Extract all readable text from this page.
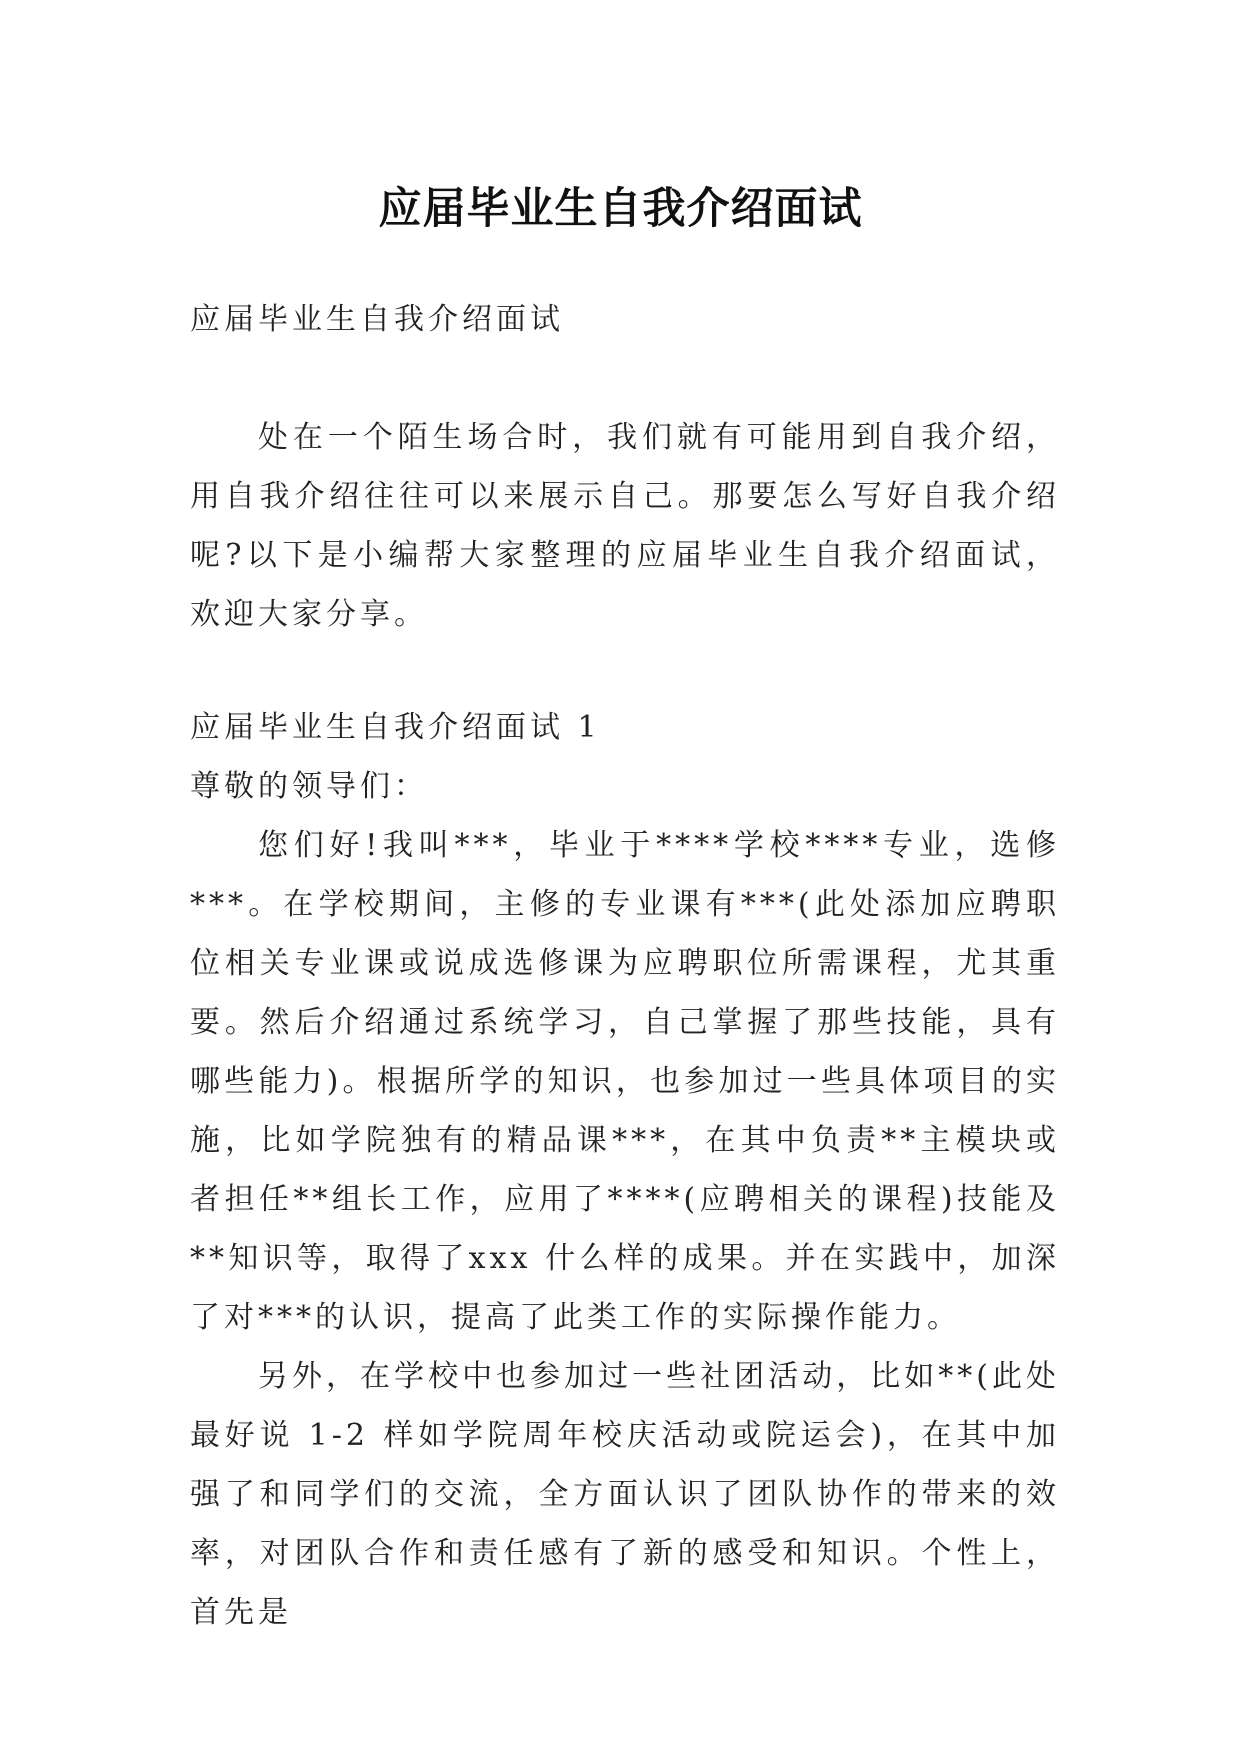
应届毕业生自我介绍面试

应届毕业生自我介绍面试

处在一个陌生场合时，我们就有可能用到自我介绍，用自我介绍往往可以来展示自己。那要怎么写好自我介绍呢?以下是小编帮大家整理的应届毕业生自我介绍面试，欢迎大家分享。

应届毕业生自我介绍面试 1

尊敬的领导们：

您们好!我叫***，毕业于****学校****专业，选修***。在学校期间，主修的专业课有***(此处添加应聘职位相关专业课或说成选修课为应聘职位所需课程，尤其重要。然后介绍通过系统学习，自己掌握了那些技能，具有哪些能力)。根据所学的知识，也参加过一些具体项目的实施，比如学院独有的精品课***，在其中负责**主模块或者担任**组长工作，应用了****(应聘相关的课程)技能及**知识等，取得了xxx 什么样的成果。并在实践中，加深了对***的认识，提高了此类工作的实际操作能力。

另外，在学校中也参加过一些社团活动，比如**(此处最好说 1-2 样如学院周年校庆活动或院运会)，在其中加强了和同学们的交流，全方面认识了团队协作的带来的效率，对团队合作和责任感有了新的感受和知识。个性上，首先是
